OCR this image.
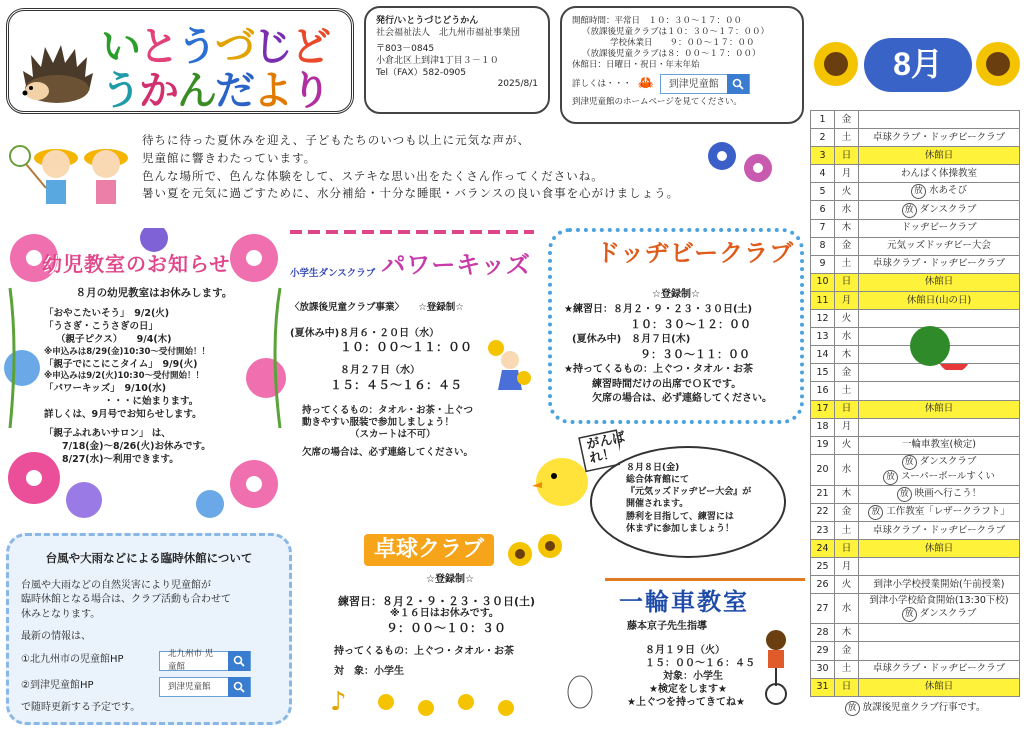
いとうづじどうかんだより
発行/いとうづじどうかん
社会福祉法人　北九州市福祉事業団
〒803－0845
小倉北区上到津1丁目３－１０
Tel（FAX）582-0905
2025/8/1
開館時間：平常日　１０：３０～１７：００
（放課後児童クラブは１０：３０～１７：００）
学校休業日　　９：００～１７：００
（放課後児童クラブは８：００～１７：００）
休館日：日曜日・祝日・年末年始
詳しくは・・・ 🦀	到津児童館
到津児童館のホームページを見てください。
8月
1	金	
2	土	卓球クラブ・ドッヂビークラブ

3	日	休館日

4	月	わんぱく体操教室

5	火	放 水あそび

6	水	放 ダンスクラブ

7	木	ドッヂビークラブ

8	金	元気ッズドッヂビー大会

9	土	卓球クラブ・ドッヂビークラブ

10	日	休館日

11	月	休館日(山の日)

12	火	
13	水	
14	木	
15	金	
16	土	
17	日	休館日

18	月	
19	火	一輪車教室(検定)

20	水	放 ダンスクラブ
放 スーパーボールすくい

21	木	放 映画へ行こう！

22	金	放 工作教室「レザークラフト」

23	土	卓球クラブ・ドッヂビークラブ

24	日	休館日

25	月	
26	火	到津小学校授業開始(午前授業)

27	水	到津小学校給食開始(13:30下校)
放 ダンスクラブ

28	木	
29	金	
30	土	卓球クラブ・ドッヂビークラブ

31	日	休館日
放 放課後児童クラブ行事です。
待ちに待った夏休みを迎え、子どもたちのいつも以上に元気な声が、
児童館に響きわたっています。
色んな場所で、色んな体験をして、ステキな思い出をたくさん作ってくださいね。
暑い夏を元気に過ごすために、水分補給・十分な睡眠・バランスの良い食事を心がけましょう。
幼児教室のお知らせ
８月の幼児教室はお休みします。
「おやこたいそう」　9/2(火)
「うさぎ・こうさぎの日」
（親子ピクス）　　9/4(木)
※申込みは8/29(金)10:30～受付開始！！
「親子でにこにこタイム」　9/9(火)
※申込みは9/2(火)10:30～受付開始！！
「パワーキッズ」　9/10(水)
・・・に始まります。
詳しくは、9月号でお知らせします。
「親子ふれあいサロン」 は、
7/18(金)～8/26(火)お休みです。
8/27(水)～利用できます。
小学生ダンスクラブ パワーキッズ
〈放課後児童クラブ事業〉　　☆登録制☆
(夏休み中)８月６・２０日（水）
１０：００～１１：００
８月２７日（水）
１５：４５～１６：４５
持ってくるもの：タオル・お茶・上ぐつ
動きやすい服装で参加しましょう！
（スカートは不可）
欠席の場合は、必ず連絡してください。
ドッヂビークラブ
☆登録制☆
★練習日：８月２・９・２３・３０日(土)
１０：３０～１２：００
(夏休み中)　８月７日(木)
９：３０～１１：００
★持ってくるもの：上ぐつ・タオル・お茶
練習時間だけの出席でＯＫです。
欠席の場合は、必ず連絡してください。
がんばれ！
８月８日(金)
総合体育館にて
『元気ッズドッヂビー大会』が
開催されます。
勝利を目指して、練習には
休まずに参加しましょう！
台風や大雨などによる臨時休館について
台風や大雨などの自然災害により児童館が
臨時休館となる場合は、クラブ活動も合わせて
休みとなります。
最新の情報は、
①北九州市の児童館HP
北九州市 児童館
②到津児童館HP	到津児童館
で随時更新する予定です。
卓球クラブ
☆登録制☆
練習日：８月２・９・２３・３０日(土)
※１６日はお休みです。
９：００～１０：３０
持ってくるもの：上ぐつ・タオル・お茶
対　象：小学生
♪
一輪車教室
藤本京子先生指導
８月１９日（火）
１５：００～１６：４５
対象：小学生
★検定をします★
★上ぐつを持ってきてね★
